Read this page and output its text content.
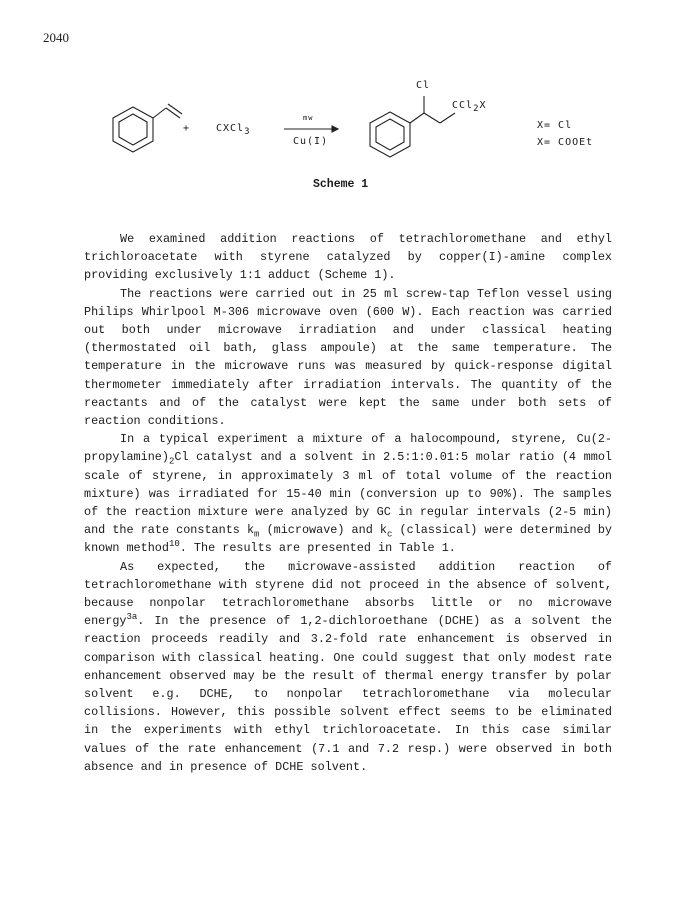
2040
+	CXCl$_3$
mw
Cu(I)
Cl
CCl$_2$X
X= Cl
X= COOEt
Scheme 1

We examined addition reactions of tetrachloromethane and ethyl trichloroacetate with styrene catalyzed by copper(I)-amine complex providing exclusively 1:1 adduct (Scheme 1).

The reactions were carried out in 25 ml screw-tap Teflon vessel using Philips Whirlpool M-306 microwave oven (600 W). Each reaction was carried out both under microwave irradiation and under classical heating (thermostated oil bath, glass ampoule) at the same temperature. The temperature in the microwave runs was measured by quick-response digital thermometer immediately after irradiation intervals. The quantity of the reactants and of the catalyst were kept the same under both sets of reaction conditions.

In a typical experiment a mixture of a halocompound, styrene, $Cu(2-propylamine)_2Cl$ catalyst and a solvent in 2.5:1:0.01:5 molar ratio (4 mmol scale of styrene, in approximately 3 ml of total volume of the reaction mixture) was irradiated for 15-40 min (conversion up to 90%). The samples of the reaction mixture were analyzed by GC in regular intervals (2-5 min) and the rate constants $k_m$ (microwave) and $k_c$ (classical) were determined by known method$^{10}$. The results are presented in Table 1.

As expected, the microwave-assisted addition reaction of tetrachloromethane with styrene did not proceed in the absence of solvent, because nonpolar tetrachloromethane absorbs little or no microwave energy$^{3a}$. In the presence of 1,2-dichloroethane (DCHE) as a solvent the reaction proceeds readily and 3.2-fold rate enhancement is observed in comparison with classical heating. One could suggest that only modest rate enhancement observed may be the result of thermal energy transfer by polar solvent e.g. DCHE, to nonpolar tetrachloromethane via molecular collisions. However, this possible solvent effect seems to be eliminated in the experiments with ethyl trichloroacetate. In this case similar values of the rate enhancement (7.1 and 7.2 resp.) were observed in both absence and in presence of DCHE solvent.
